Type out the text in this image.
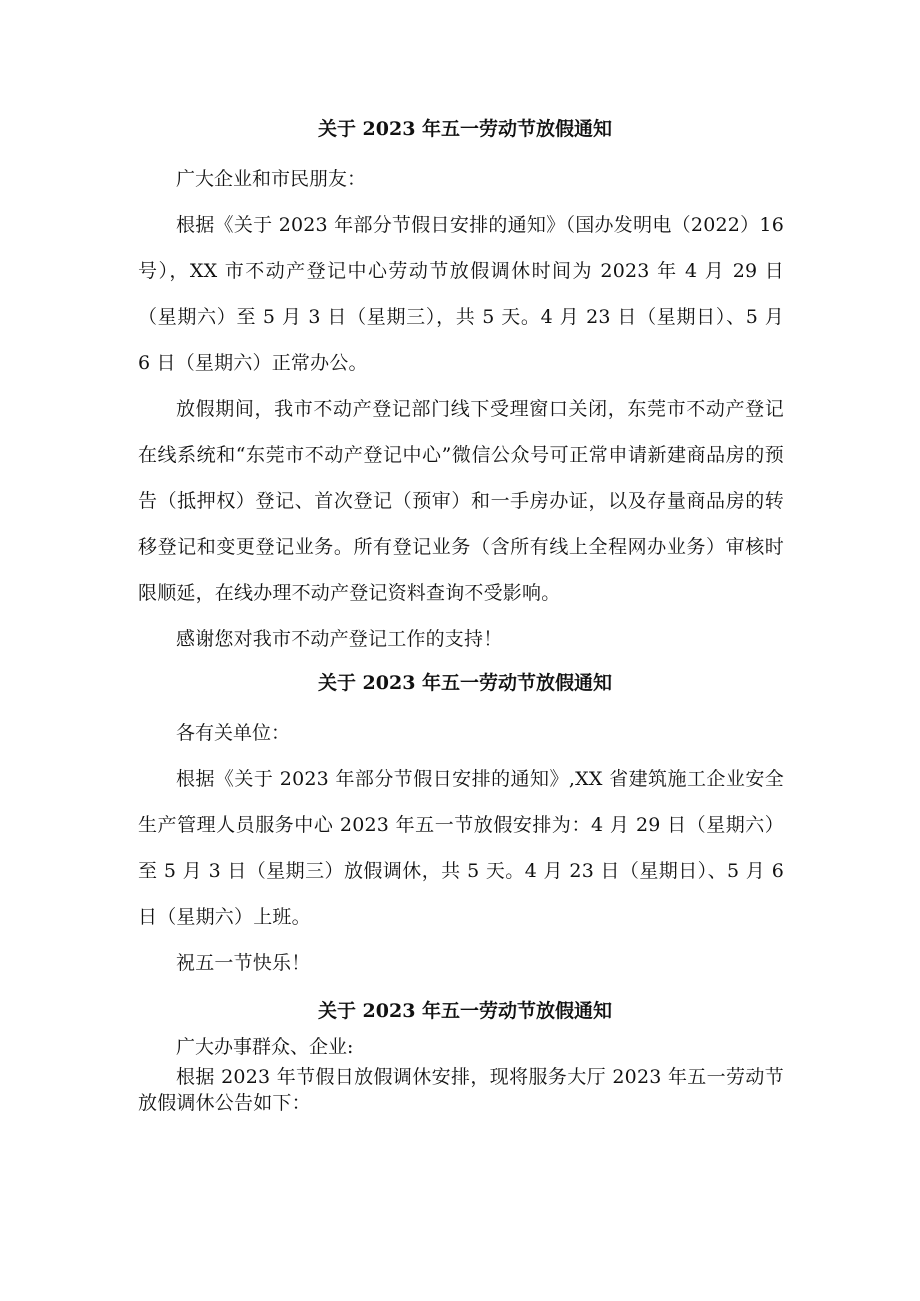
关于 2023 年五一劳动节放假通知

广大企业和市民朋友：

根据《关于 2023 年部分节假日安排的通知》（国办发明电（2022）16 号），XX 市不动产登记中心劳动节放假调休时间为 2023 年 4 月 29 日（星期六）至 5 月 3 日（星期三），共 5 天。4 月 23 日（星期日）、5 月 6 日（星期六）正常办公。

放假期间，我市不动产登记部门线下受理窗口关闭，东莞市不动产登记在线系统和“东莞市不动产登记中心”微信公众号可正常申请新建商品房的预告（抵押权）登记、首次登记（预审）和一手房办证，以及存量商品房的转移登记和变更登记业务。所有登记业务（含所有线上全程网办业务）审核时限顺延，在线办理不动产登记资料查询不受影响。

感谢您对我市不动产登记工作的支持！

关于 2023 年五一劳动节放假通知

各有关单位：

根据《关于 2023 年部分节假日安排的通知》,XX 省建筑施工企业安全生产管理人员服务中心 2023 年五一节放假安排为：4 月 29 日（星期六）至 5 月 3 日（星期三）放假调休，共 5 天。4 月 23 日（星期日）、5 月 6 日（星期六）上班。

祝五一节快乐！

关于 2023 年五一劳动节放假通知

广大办事群众、企业:

根据 2023 年节假日放假调休安排，现将服务大厅 2023 年五一劳动节放假调休公告如下：
